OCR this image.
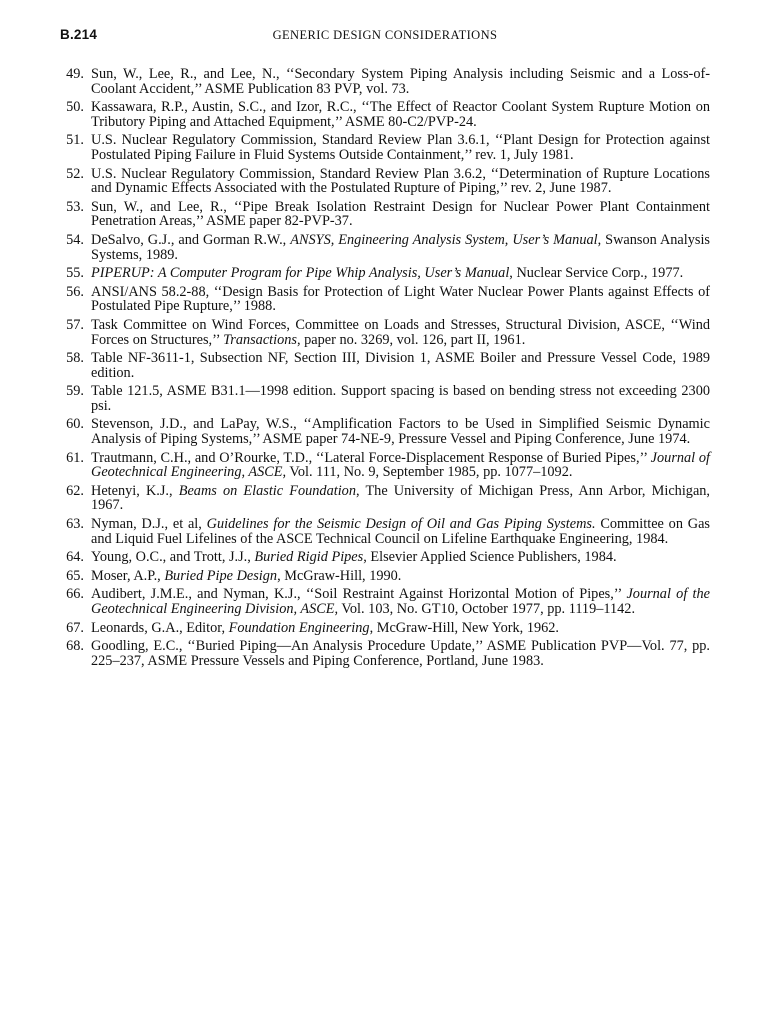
B.214	GENERIC DESIGN CONSIDERATIONS
49. Sun, W., Lee, R., and Lee, N., ‘‘Secondary System Piping Analysis including Seismic and a Loss-of-Coolant Accident,’’ ASME Publication 83 PVP, vol. 73.
50. Kassawara, R.P., Austin, S.C., and Izor, R.C., ‘‘The Effect of Reactor Coolant System Rupture Motion on Tributory Piping and Attached Equipment,’’ ASME 80-C2/PVP-24.
51. U.S. Nuclear Regulatory Commission, Standard Review Plan 3.6.1, ‘‘Plant Design for Protection against Postulated Piping Failure in Fluid Systems Outside Containment,’’ rev. 1, July 1981.
52. U.S. Nuclear Regulatory Commission, Standard Review Plan 3.6.2, ‘‘Determination of Rupture Locations and Dynamic Effects Associated with the Postulated Rupture of Piping,’’ rev. 2, June 1987.
53. Sun, W., and Lee, R., ‘‘Pipe Break Isolation Restraint Design for Nuclear Power Plant Containment Penetration Areas,’’ ASME paper 82-PVP-37.
54. DeSalvo, G.J., and Gorman R.W., ANSYS, Engineering Analysis System, User’s Manual, Swanson Analysis Systems, 1989.
55. PIPERUP: A Computer Program for Pipe Whip Analysis, User’s Manual, Nuclear Service Corp., 1977.
56. ANSI/ANS 58.2-88, ‘‘Design Basis for Protection of Light Water Nuclear Power Plants against Effects of Postulated Pipe Rupture,’’ 1988.
57. Task Committee on Wind Forces, Committee on Loads and Stresses, Structural Division, ASCE, ‘‘Wind Forces on Structures,’’ Transactions, paper no. 3269, vol. 126, part II, 1961.
58. Table NF-3611-1, Subsection NF, Section III, Division 1, ASME Boiler and Pressure Vessel Code, 1989 edition.
59. Table 121.5, ASME B31.1—1998 edition. Support spacing is based on bending stress not exceeding 2300 psi.
60. Stevenson, J.D., and LaPay, W.S., ‘‘Amplification Factors to be Used in Simplified Seismic Dynamic Analysis of Piping Systems,’’ ASME paper 74-NE-9, Pressure Vessel and Piping Conference, June 1974.
61. Trautmann, C.H., and O’Rourke, T.D., ‘‘Lateral Force-Displacement Response of Buried Pipes,’’ Journal of Geotechnical Engineering, ASCE, Vol. 111, No. 9, September 1985, pp. 1077–1092.
62. Hetenyi, K.J., Beams on Elastic Foundation, The University of Michigan Press, Ann Arbor, Michigan, 1967.
63. Nyman, D.J., et al, Guidelines for the Seismic Design of Oil and Gas Piping Systems. Committee on Gas and Liquid Fuel Lifelines of the ASCE Technical Council on Lifeline Earthquake Engineering, 1984.
64. Young, O.C., and Trott, J.J., Buried Rigid Pipes, Elsevier Applied Science Publishers, 1984.
65. Moser, A.P., Buried Pipe Design, McGraw-Hill, 1990.
66. Audibert, J.M.E., and Nyman, K.J., ‘‘Soil Restraint Against Horizontal Motion of Pipes,’’ Journal of the Geotechnical Engineering Division, ASCE, Vol. 103, No. GT10, October 1977, pp. 1119–1142.
67. Leonards, G.A., Editor, Foundation Engineering, McGraw-Hill, New York, 1962.
68. Goodling, E.C., ‘‘Buried Piping—An Analysis Procedure Update,’’ ASME Publication PVP—Vol. 77, pp. 225–237, ASME Pressure Vessels and Piping Conference, Portland, June 1983.
